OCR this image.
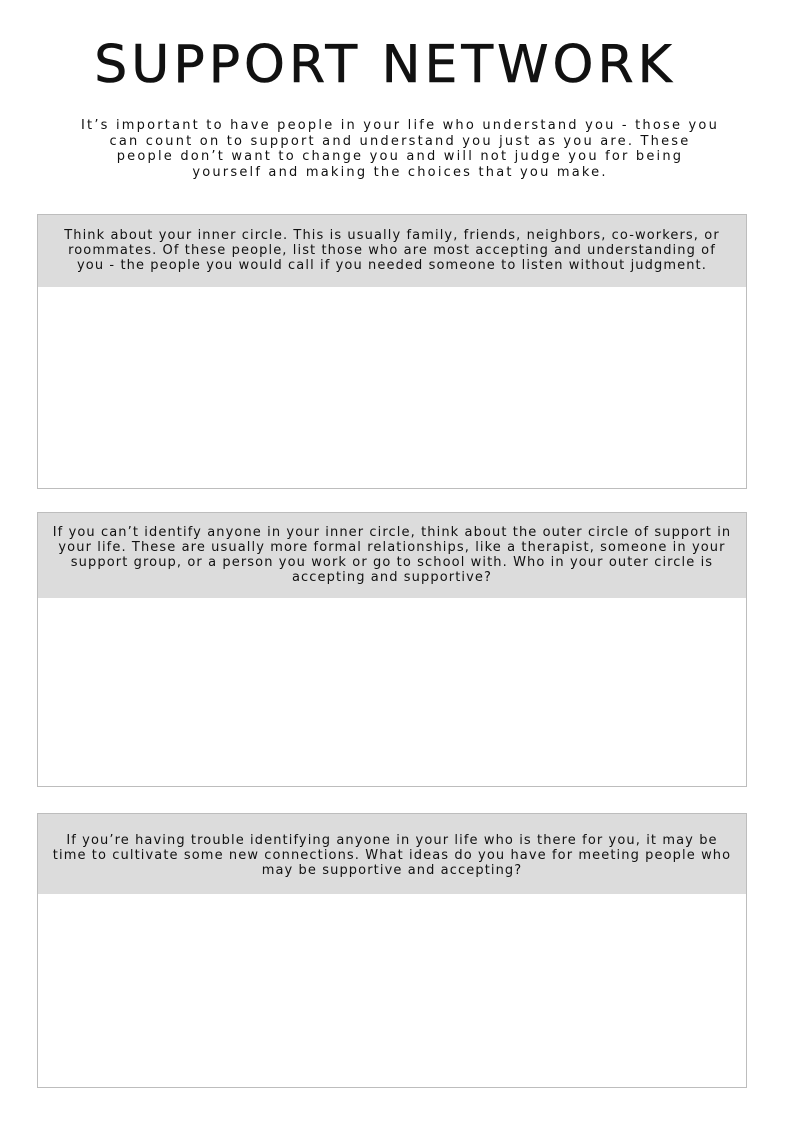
SUPPORT NETWORK

It’s important to have people in your life who understand you - those you can count on to support and understand you just as you are. These people don’t want to change you and will not judge you for being yourself and making the choices that you make.

Think about your inner circle. This is usually family, friends, neighbors, co-workers, or roommates. Of these people, list those who are most accepting and understanding of you - the people you would call if you needed someone to listen without judgment.

If you can’t identify anyone in your inner circle, think about the outer circle of support in your life. These are usually more formal relationships, like a therapist, someone in your support group, or a person you work or go to school with. Who in your outer circle is accepting and supportive?

If you’re having trouble identifying anyone in your life who is there for you, it may be time to cultivate some new connections. What ideas do you have for meeting people who may be supportive and accepting?
